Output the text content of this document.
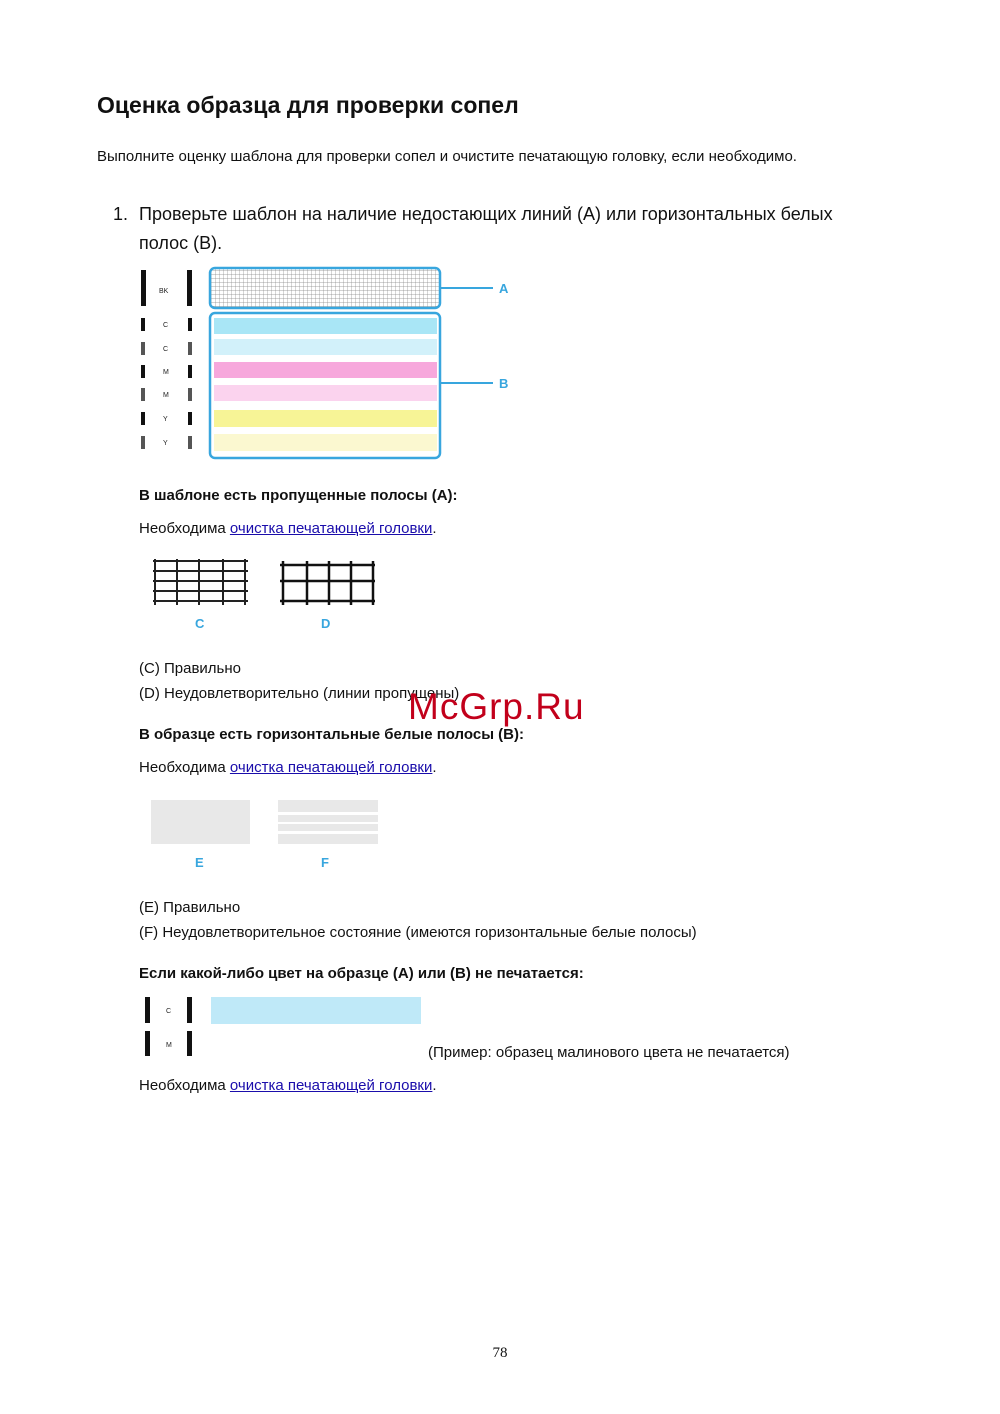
Оценка образца для проверки сопел
Выполните оценку шаблона для проверки сопел и очистите печатающую головку, если необходимо.
1. Проверьте шаблон на наличие недостающих линий (A) или горизонтальных белых полос (B).
BK
C
C
M
M
Y
Y
A
B
В шаблоне есть пропущенные полосы (A):
Необходима очистка печатающей головки.
C	D
(C) Правильно
(D) Неудовлетворительно (линии пропущены)
McGrp.Ru
В образце есть горизонтальные белые полосы (B):
Необходима очистка печатающей головки.
E	F
(E) Правильно
(F) Неудовлетворительное состояние (имеются горизонтальные белые полосы)
Если какой-либо цвет на образце (A) или (B) не печатается:
C
M	(Пример: образец малинового цвета не печатается)
Необходима очистка печатающей головки.
78
